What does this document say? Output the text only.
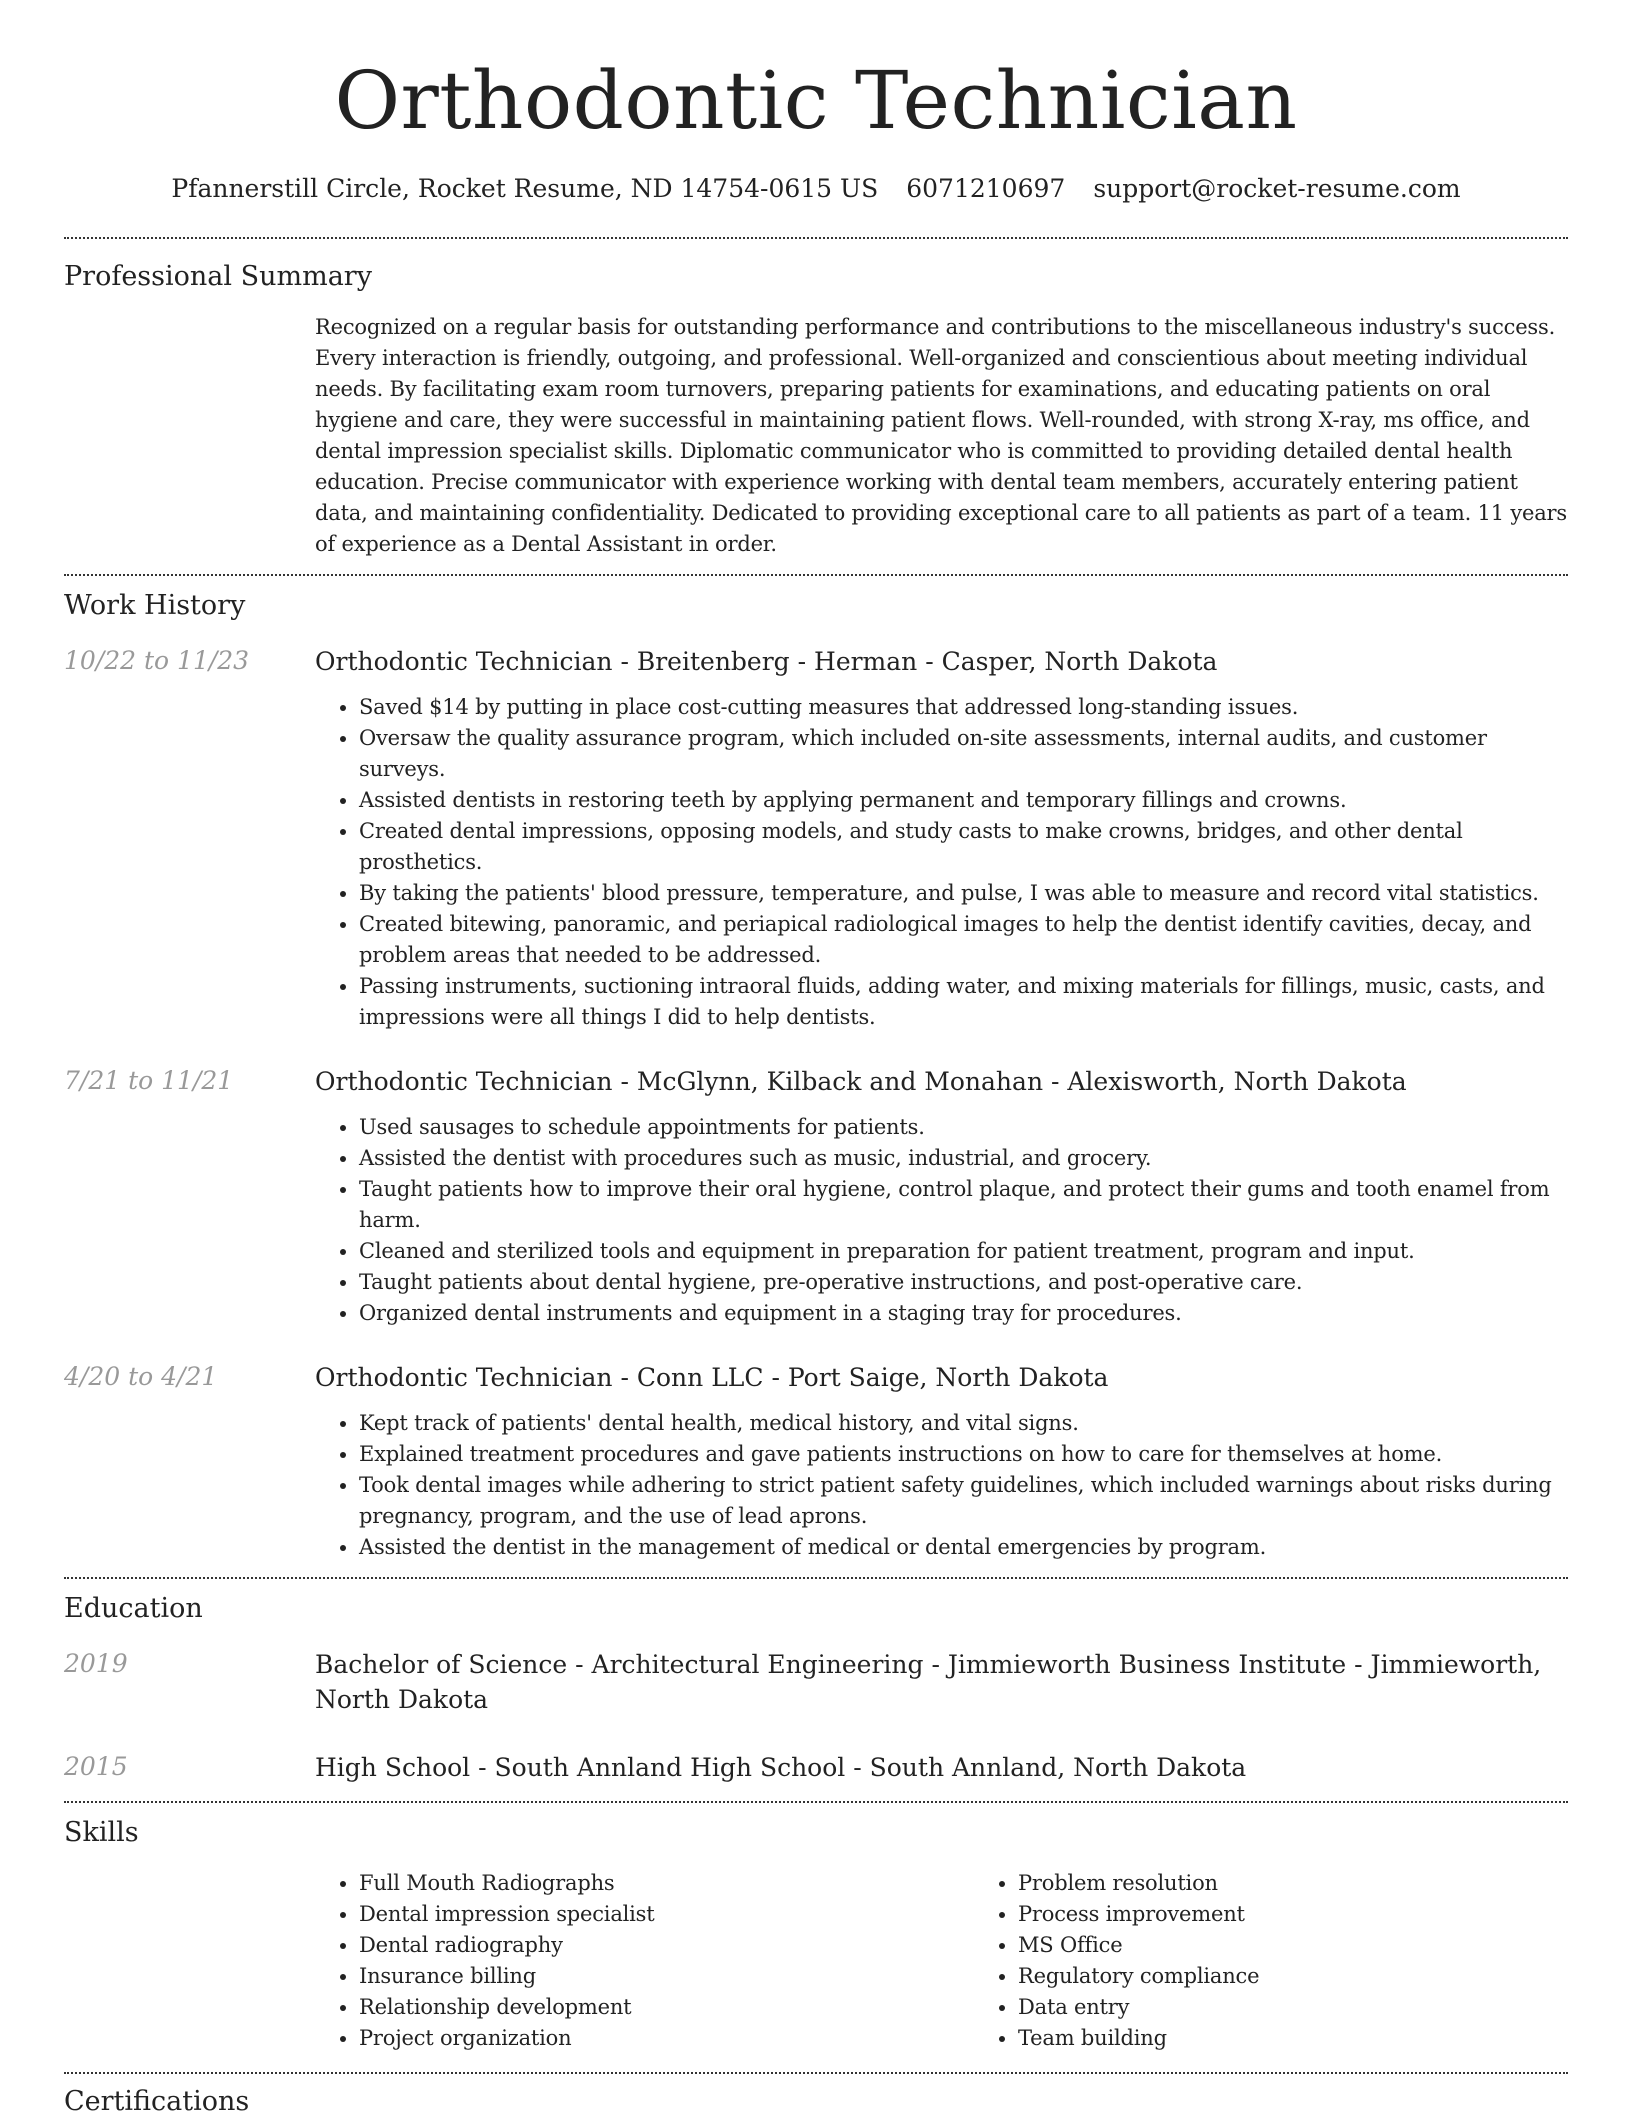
Orthodontic Technician
Pfannerstill Circle, Rocket Resume, ND 14754-0615 US 6071210697 support@rocket-resume.com
Professional Summary

Recognized on a regular basis for outstanding performance and contributions to the miscellaneous industry's success. Every interaction is friendly, outgoing, and professional. Well-organized and conscientious about meeting individual needs. By facilitating exam room turnovers, preparing patients for examinations, and educating patients on oral hygiene and care, they were successful in maintaining patient flows. Well-rounded, with strong X-ray, ms office, and dental impression specialist skills. Diplomatic communicator who is committed to providing detailed dental health education. Precise communicator with experience working with dental team members, accurately entering patient data, and maintaining confidentiality. Dedicated to providing exceptional care to all patients as part of a team. 11 years of experience as a Dental Assistant in order.

Work History
10/22 to 11/23	Orthodontic Technician - Breitenberg - Herman - Casper, North Dakota
• Saved $14 by putting in place cost-cutting measures that addressed long-standing issues.
• Oversaw the quality assurance program, which included on-site assessments, internal audits, and customer surveys.
• Assisted dentists in restoring teeth by applying permanent and temporary fillings and crowns.
• Created dental impressions, opposing models, and study casts to make crowns, bridges, and other dental prosthetics.
• By taking the patients' blood pressure, temperature, and pulse, I was able to measure and record vital statistics.
• Created bitewing, panoramic, and periapical radiological images to help the dentist identify cavities, decay, and problem areas that needed to be addressed.
• Passing instruments, suctioning intraoral fluids, adding water, and mixing materials for fillings, music, casts, and impressions were all things I did to help dentists.
7/21 to 11/21	Orthodontic Technician - McGlynn, Kilback and Monahan - Alexisworth, North Dakota
• Used sausages to schedule appointments for patients.
• Assisted the dentist with procedures such as music, industrial, and grocery.
• Taught patients how to improve their oral hygiene, control plaque, and protect their gums and tooth enamel from harm.
• Cleaned and sterilized tools and equipment in preparation for patient treatment, program and input.
• Taught patients about dental hygiene, pre-operative instructions, and post-operative care.
• Organized dental instruments and equipment in a staging tray for procedures.
4/20 to 4/21	Orthodontic Technician - Conn LLC - Port Saige, North Dakota
• Kept track of patients' dental health, medical history, and vital signs.
• Explained treatment procedures and gave patients instructions on how to care for themselves at home.
• Took dental images while adhering to strict patient safety guidelines, which included warnings about risks during pregnancy, program, and the use of lead aprons.
• Assisted the dentist in the management of medical or dental emergencies by program.
Education
2019	Bachelor of Science - Architectural Engineering - Jimmieworth Business Institute - Jimmieworth, North Dakota
2015	High School - South Annland High School - South Annland, North Dakota
Skills
• Full Mouth Radiographs
• Dental impression specialist
• Dental radiography
• Insurance billing
• Relationship development
• Project organization
• Problem resolution
• Process improvement
• MS Office
• Regulatory compliance
• Data entry
• Team building
Certifications
